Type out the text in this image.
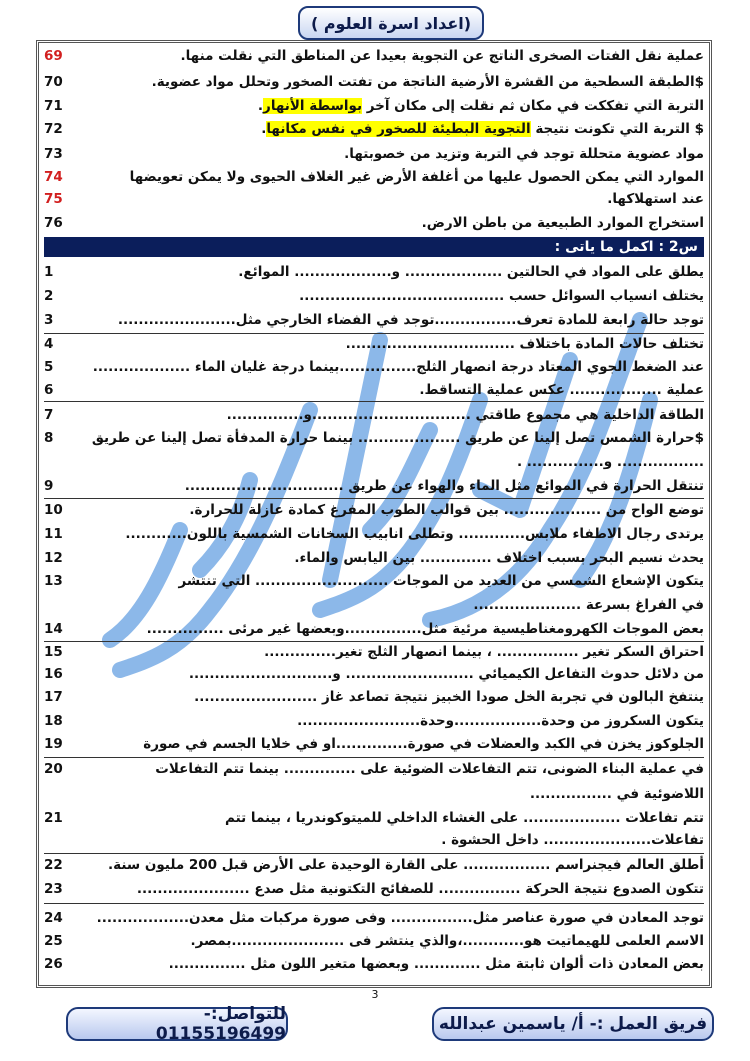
(اعداد اسرة العلوم )
69	عملية نقل الفتات الصخرى الناتج عن التجوية بعيدا عن المناطق التي نقلت منها.
70	$الطبقة السطحية من القشرة الأرضية الناتجة من تفتت الصخور وتحلل مواد عضوية.
71	التربة التي تفككت في مكان ثم نقلت إلى مكان آخر بواسطة الأنهار.
72	$ التربة التي تكونت نتيجة التجوية البطيئة للصخور في نفس مكانها.
73	مواد عضوية متحللة توجد في التربة وتزيد من خصوبتها.
74	الموارد التي يمكن الحصول عليها من أغلفة الأرض غير الغلاف الحيوى ولا يمكن تعويضها
75	عند استهلاكها.
76	استخراج الموارد الطبيعية من باطن الارض.
س2 : اكمل ما ياتى :
1	يطلق على المواد في الحالتين ................... و................... الموائع.
2	يختلف انسياب السوائل حسب ........................................
3	توجد حالة رابعة للمادة تعرف................توجد في الفضاء الخارجي مثل.......................
4	تختلف حالات المادة باختلاف .................................
5	عند الضغط الجوي المعتاد درجة انصهار الثلج...............بينما درجة غليان الماء ...................
6	عملية .................. عكس عملية التساقط.
7	الطاقة الداخلية هي مجموع طاقتي ...............................و...............
8	$حرارة الشمس تصل إلينا عن طريق .................... بينما حرارة المدفأة تصل إلينا عن طريق
................. و............... .
9	تنتقل الحرارة في الموائع مثل الماء والهواء عن طريق ...............................
10	توضع الواح من ................... بين قوالب الطوب المفرغ كمادة عازلة للحرارة.
11	يرتدى رجال الاطفاء ملابس............. وتطلى انابيب السخانات الشمسية باللون............
12	يحدث نسيم البحر بسبب اختلاف .............. بين اليابس والماء.
13	يتكون الإشعاع الشمسي من العديد من الموجات .......................... التي تنتشر
في الفراغ بسرعة .....................
14	بعض الموجات الكهرومغناطيسية مرئية مثل...............وبعضها غير مرئى ...............
15	احتراق السكر تغير ................ ، بينما انصهار الثلج تغير..............
16	من دلائل حدوث التفاعل الكيميائي ......................... و............................
17	ينتفخ البالون في تجربة الخل صودا الخبيز نتيجة تصاعد غاز ........................
18	يتكون السكروز من وحدة.................وحدة........................
19	الجلوكوز يخزن في الكبد والعضلات في صورة..............او في خلايا الجسم في صورة
20	في عملية البناء الضونى، تتم التفاعلات الضوئية على .............. بينما تتم التفاعلات
اللاضوئية في ................
21	تتم تفاعلات ................... على الغشاء الداخلي للميتوكوندريا ، بينما تتم
تفاعلات..................... داخل الحشوة .
22	أطلق العالم فيجنراسم ................. على القارة الوحيدة على الأرض قبل 200 مليون سنة.
23	تتكون الصدوع نتيجة الحركة ................ للصفائح التكتونية مثل صدع ......................
24	توجد المعادن في صورة عناصر مثل................ وفى صورة مركبات مثل معدن..................
25	الاسم العلمى للهيماتيت هو............،والذي ينتشر فى ......................بمصر.
26	بعض المعادن ذات ألوان ثابتة مثل ............. وبعضها متغير اللون مثل ...............
3
للتواصل:- 01155196499	فريق العمل :- أ/ ياسمين عبدالله
